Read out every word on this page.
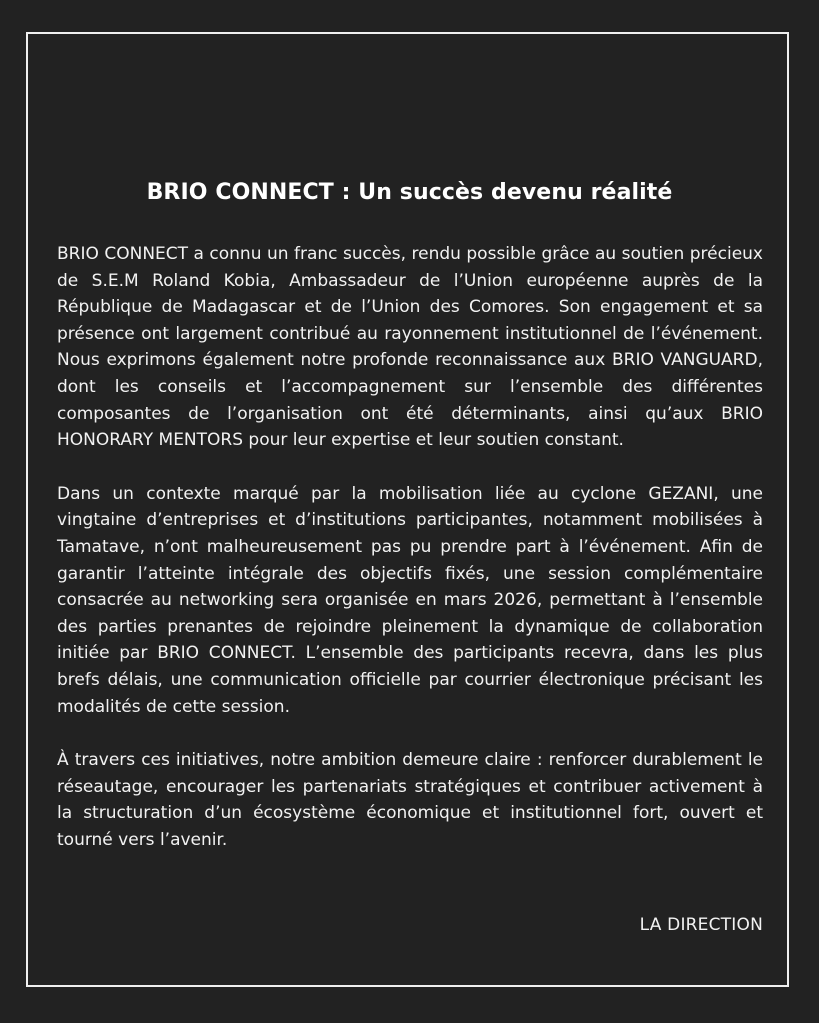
BRIO CONNECT : Un succès devenu réalité

BRIO CONNECT a connu un franc succès, rendu possible grâce au soutien précieux de S.E.M Roland Kobia, Ambassadeur de l’Union européenne auprès de la République de Madagascar et de l’Union des Comores. Son engagement et sa présence ont largement contribué au rayonnement institutionnel de l’événement. Nous exprimons également notre profonde reconnaissance aux BRIO VANGUARD, dont les conseils et l’accompagnement sur l’ensemble des différentes composantes de l’organisation ont été déterminants, ainsi qu’aux BRIO HONORARY MENTORS pour leur expertise et leur soutien constant.

Dans un contexte marqué par la mobilisation liée au cyclone GEZANI, une vingtaine d’entreprises et d’institutions participantes, notamment mobilisées à Tamatave, n’ont malheureusement pas pu prendre part à l’événement. Afin de garantir l’atteinte intégrale des objectifs fixés, une session complémentaire consacrée au networking sera organisée en mars 2026, permettant à l’ensemble des parties prenantes de rejoindre pleinement la dynamique de collaboration initiée par BRIO CONNECT. L’ensemble des participants recevra, dans les plus brefs délais, une communication officielle par courrier électronique précisant les modalités de cette session.

À travers ces initiatives, notre ambition demeure claire : renforcer durablement le réseautage, encourager les partenariats stratégiques et contribuer activement à la structuration d’un écosystème économique et institutionnel fort, ouvert et tourné vers l’avenir.

LA DIRECTION
